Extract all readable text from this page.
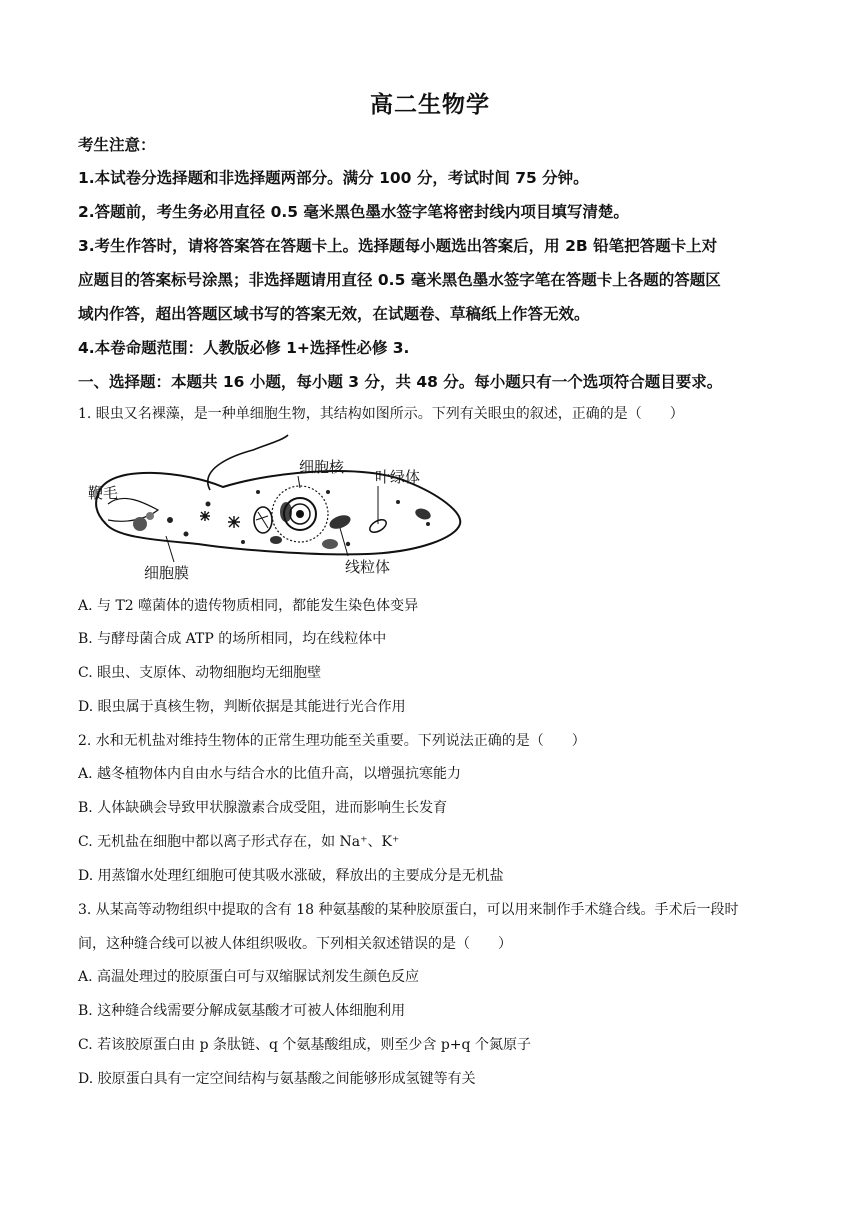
高二生物学
考生注意：
1.本试卷分选择题和非选择题两部分。满分 100 分，考试时间 75 分钟。
2.答题前，考生务必用直径 0.5 毫米黑色墨水签字笔将密封线内项目填写清楚。
3.考生作答时，请将答案答在答题卡上。选择题每小题选出答案后，用 2B 铅笔把答题卡上对
应题目的答案标号涂黑；非选择题请用直径 0.5 毫米黑色墨水签字笔在答题卡上各题的答题区
域内作答，超出答题区域书写的答案无效，在试题卷、草稿纸上作答无效。
4.本卷命题范围：人教版必修 1+选择性必修 3.
一、选择题：本题共 16 小题，每小题 3 分，共 48 分。每小题只有一个选项符合题目要求。
1. 眼虫又名裸藻，是一种单细胞生物，其结构如图所示。下列有关眼虫的叙述，正确的是（　　）
鞭毛
细胞核
叶绿体
细胞膜	线粒体
A. 与 T2 噬菌体的遗传物质相同，都能发生染色体变异
B. 与酵母菌合成 ATP 的场所相同，均在线粒体中
C. 眼虫、支原体、动物细胞均无细胞壁
D. 眼虫属于真核生物，判断依据是其能进行光合作用
2. 水和无机盐对维持生物体的正常生理功能至关重要。下列说法正确的是（　　）
A. 越冬植物体内自由水与结合水的比值升高，以增强抗寒能力
B. 人体缺碘会导致甲状腺激素合成受阻，进而影响生长发育
C. 无机盐在细胞中都以离子形式存在，如 Na⁺、K⁺
D. 用蒸馏水处理红细胞可使其吸水涨破，释放出的主要成分是无机盐
3. 从某高等动物组织中提取的含有 18 种氨基酸的某种胶原蛋白，可以用来制作手术缝合线。手术后一段时
间，这种缝合线可以被人体组织吸收。下列相关叙述错误的是（　　）
A. 高温处理过的胶原蛋白可与双缩脲试剂发生颜色反应
B. 这种缝合线需要分解成氨基酸才可被人体细胞利用
C. 若该胶原蛋白由 p 条肽链、q 个氨基酸组成，则至少含 p+q 个氮原子
D. 胶原蛋白具有一定空间结构与氨基酸之间能够形成氢键等有关
